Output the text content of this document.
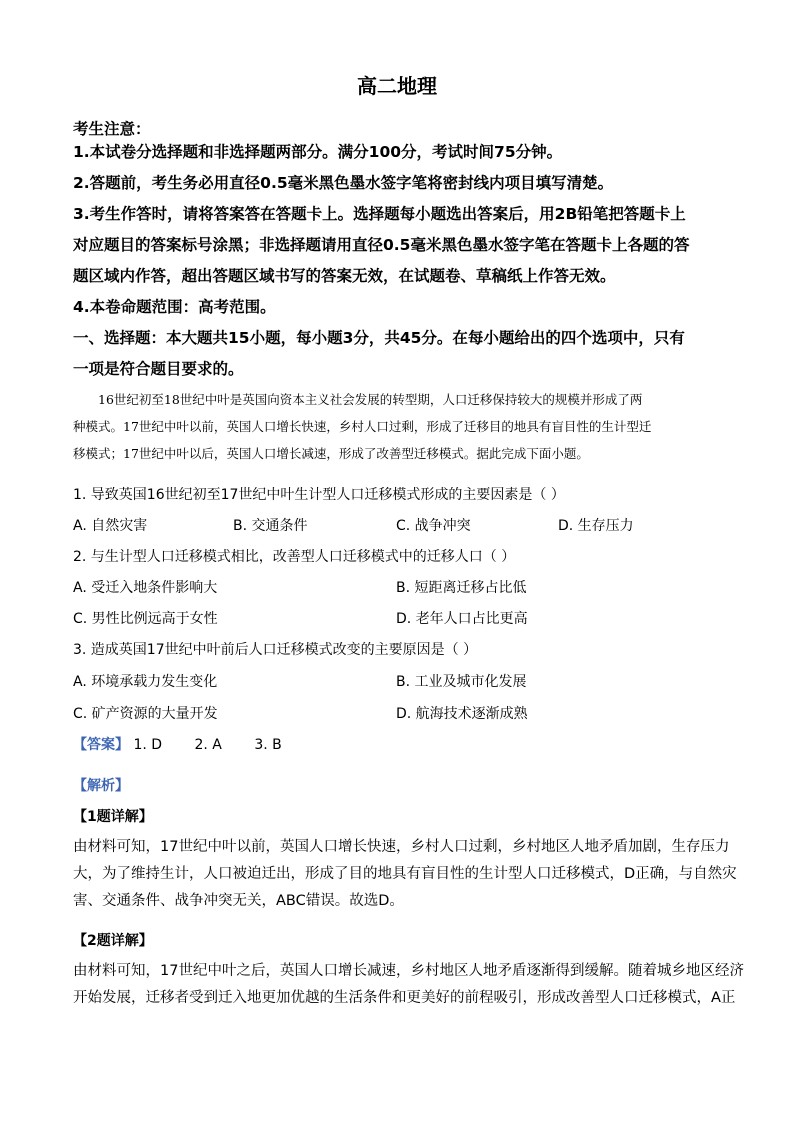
高二地理
考生注意：
1.本试卷分选择题和非选择题两部分。满分100分，考试时间75分钟。
2.答题前，考生务必用直径0.5毫米黑色墨水签字笔将密封线内项目填写清楚。
3.考生作答时，请将答案答在答题卡上。选择题每小题选出答案后，用2B铅笔把答题卡上
对应题目的答案标号涂黑；非选择题请用直径0.5毫米黑色墨水签字笔在答题卡上各题的答
题区域内作答，超出答题区域书写的答案无效，在试题卷、草稿纸上作答无效。
4.本卷命题范围：高考范围。
一、选择题：本大题共15小题，每小题3分，共45分。在每小题给出的四个选项中，只有
一项是符合题目要求的。

16世纪初至18世纪中叶是英国向资本主义社会发展的转型期，人口迁移保持较大的规模并形成了两

种模式。17世纪中叶以前，英国人口增长快速，乡村人口过剩，形成了迁移目的地具有盲目性的生计型迁
移模式；17世纪中叶以后，英国人口增长减速，形成了改善型迁移模式。据此完成下面小题。
1. 导致英国16世纪初至17世纪中叶生计型人口迁移模式形成的主要因素是（ ）
A. 自然灾害	B. 交通条件	C. 战争冲突	D. 生存压力
2. 与生计型人口迁移模式相比，改善型人口迁移模式中的迁移人口（ ）
A. 受迁入地条件影响大	B. 短距离迁移占比低
C. 男性比例远高于女性	D. 老年人口占比更高
3. 造成英国17世纪中叶前后人口迁移模式改变的主要原因是（ ）
A. 环境承载力发生变化	B. 工业及城市化发展
C. 矿产资源的大量开发	D. 航海技术逐渐成熟
【答案】 1. D 2. A 3. B
【解析】
【1题详解】
由材料可知，17世纪中叶以前，英国人口增长快速，乡村人口过剩，乡村地区人地矛盾加剧，生存压力
大，为了维持生计，人口被迫迁出，形成了目的地具有盲目性的生计型人口迁移模式，D正确，与自然灾
害、交通条件、战争冲突无关，ABC错误。故选D。
【2题详解】
由材料可知，17世纪中叶之后，英国人口增长减速，乡村地区人地矛盾逐渐得到缓解。随着城乡地区经济
开始发展，迁移者受到迁入地更加优越的生活条件和更美好的前程吸引，形成改善型人口迁移模式，A正
